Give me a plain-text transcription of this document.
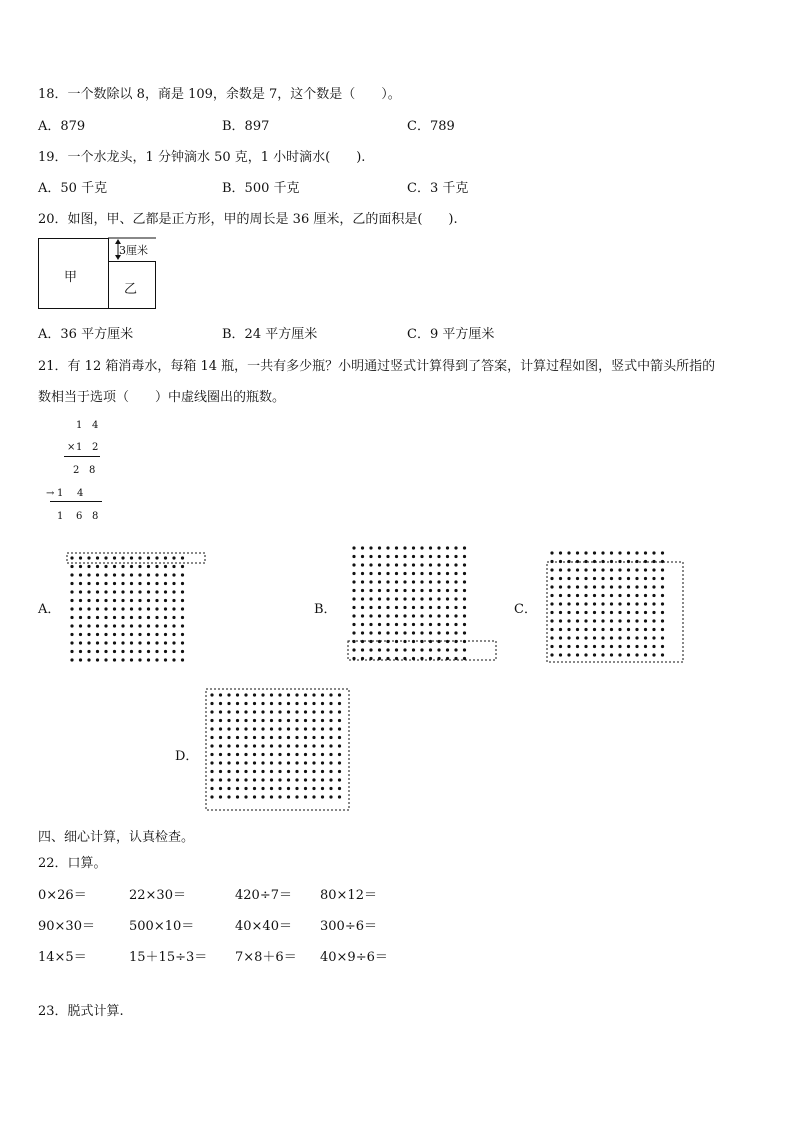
18．一个数除以 8，商是 109，余数是 7，这个数是（　　）。
A．879	B．897	C．789
19．一个水龙头，1 分钟滴水 50 克，1 小时滴水(　　).
A．50 千克	B．500 千克	C．3 千克
20．如图，甲、乙都是正方形，甲的周长是 36 厘米，乙的面积是(　　).
甲
乙
3厘米
A．36 平方厘米	B．24 平方厘米	C．9 平方厘米
21．有 12 箱消毒水，每箱 14 瓶，一共有多少瓶？小明通过竖式计算得到了答案，计算过程如图，竖式中箭头所指的
数相当于选项（　　）中虚线圈出的瓶数。
1 4
× 1 2
2 8
→ 1 4
1 6 8
A．	B．	C．
D．
四、细心计算，认真检查。
22．口算。
0×26＝	22×30＝	420÷7＝ 80×12＝
90×30＝	500×10＝	40×40＝ 300÷6＝
14×5＝	15＋15÷3＝ 7×8＋6＝ 40×9÷6＝
23．脱式计算.
